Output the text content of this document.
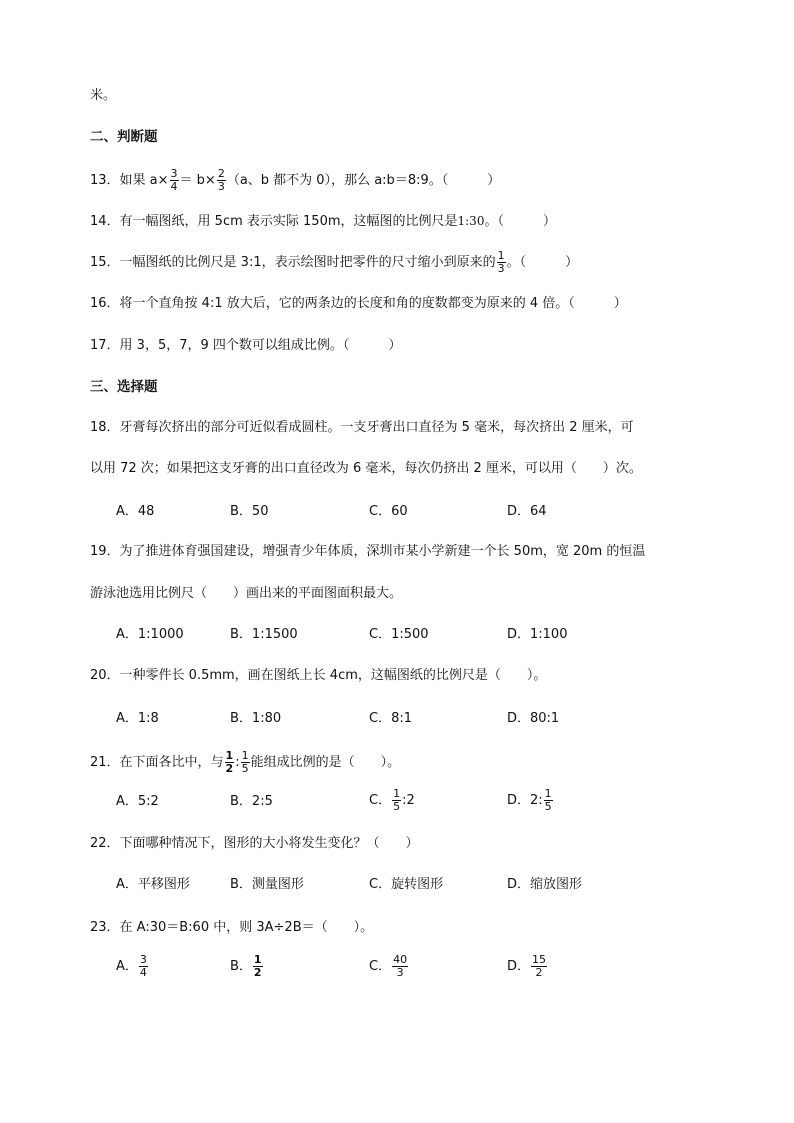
米。
二、判断题
13．如果 $a\times \frac{3}{4} = b\times \frac{2}{3} (a$、b 都不为 0），那么 a:b＝8:9。（　　　）
14．有一幅图纸，用 5cm 表示实际 150m，这幅图的比例尺是1:30。（　　　）
15．一幅图纸的比例尺是 3:1，表示绘图时把零件的尺寸缩小到原来的 $\frac{1}{3}$ 。（　　　）
16．将一个直角按 4:1 放大后，它的两条边的长度和角的度数都变为原来的 4 倍。（　　　）
17．用 3，5，7，9 四个数可以组成比例。（　　　）
三、选择题
18．牙膏每次挤出的部分可近似看成圆柱。一支牙膏出口直径为 5 毫米，每次挤出 2 厘米，可
以用 72 次；如果把这支牙膏的出口直径改为 6 毫米，每次仍挤出 2 厘米，可以用（　　）次。
A．48	B．50	C．60	D．64
19．为了推进体育强国建设，增强青少年体质，深圳市某小学新建一个长 50m，宽 20m 的恒温
游泳池选用比例尺（　　）画出来的平面图面积最大。
A．1:1000	B．1:1500	C．1:500	D．1:100
20．一种零件长 0.5mm，画在图纸上长 4cm，这幅图纸的比例尺是（　　）。
A．1:8	B．1:80	C．8:1	D．80:1
21．在下面各比中，与 $\frac{1}{2}$ : $\frac{1}{5}$ 能组成比例的是（　　）。
A．5:2	B．2:5	C． $\frac{1}{5}$ :2	D．2: $\frac{1}{5}$
22．下面哪种情况下，图形的大小将发生变化？（　　）
A．平移图形	B．测量图形	C．旋转图形	D．缩放图形
23．在 A:30＝B:60 中，则 3A÷2B＝（　　）。
A． $\frac{3}{4}$	B． $\frac{1}{2}$	C． $\frac{40}{3}$	D． $\frac{15}{2}$
